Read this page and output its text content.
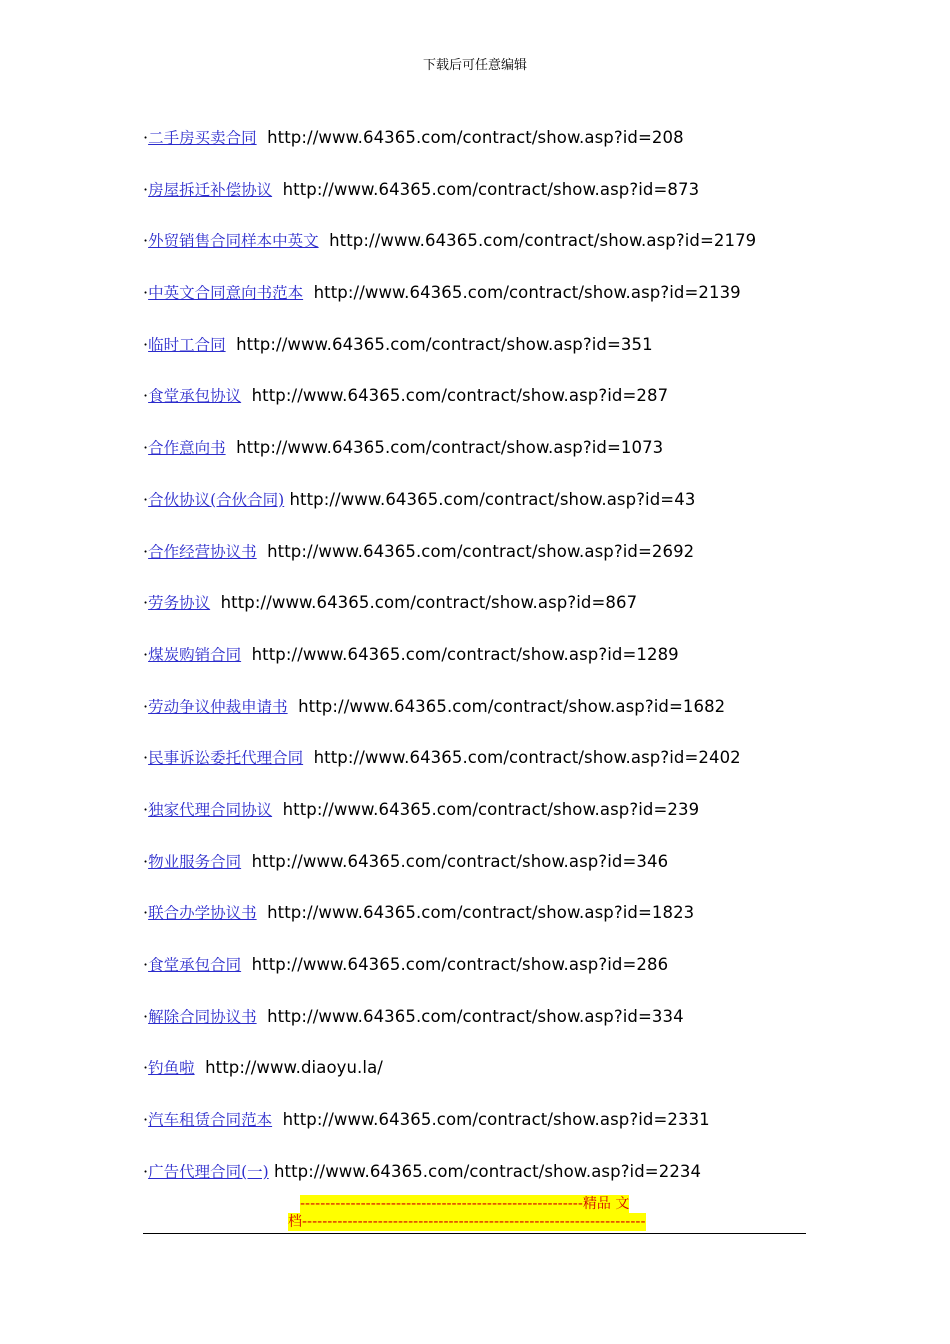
下载后可任意编辑
·二手房买卖合同 http://www.64365.com/contract/show.asp?id=208
·房屋拆迁补偿协议 http://www.64365.com/contract/show.asp?id=873
·外贸销售合同样本中英文 http://www.64365.com/contract/show.asp?id=2179
·中英文合同意向书范本 http://www.64365.com/contract/show.asp?id=2139
·临时工合同 http://www.64365.com/contract/show.asp?id=351
·食堂承包协议 http://www.64365.com/contract/show.asp?id=287
·合作意向书 http://www.64365.com/contract/show.asp?id=1073
·合伙协议(合伙合同) http://www.64365.com/contract/show.asp?id=43
·合作经营协议书 http://www.64365.com/contract/show.asp?id=2692
·劳务协议 http://www.64365.com/contract/show.asp?id=867
·煤炭购销合同 http://www.64365.com/contract/show.asp?id=1289
·劳动争议仲裁申请书 http://www.64365.com/contract/show.asp?id=1682
·民事诉讼委托代理合同 http://www.64365.com/contract/show.asp?id=2402
·独家代理合同协议 http://www.64365.com/contract/show.asp?id=239
·物业服务合同 http://www.64365.com/contract/show.asp?id=346
·联合办学协议书 http://www.64365.com/contract/show.asp?id=1823
·食堂承包合同 http://www.64365.com/contract/show.asp?id=286
·解除合同协议书 http://www.64365.com/contract/show.asp?id=334
·钓鱼啦 http://www.diaoyu.la/
·汽车租赁合同范本 http://www.64365.com/contract/show.asp?id=2331
·广告代理合同(一) http://www.64365.com/contract/show.asp?id=2234
--------------------------------------------------------精品 文
档--------------------------------------------------------------------
